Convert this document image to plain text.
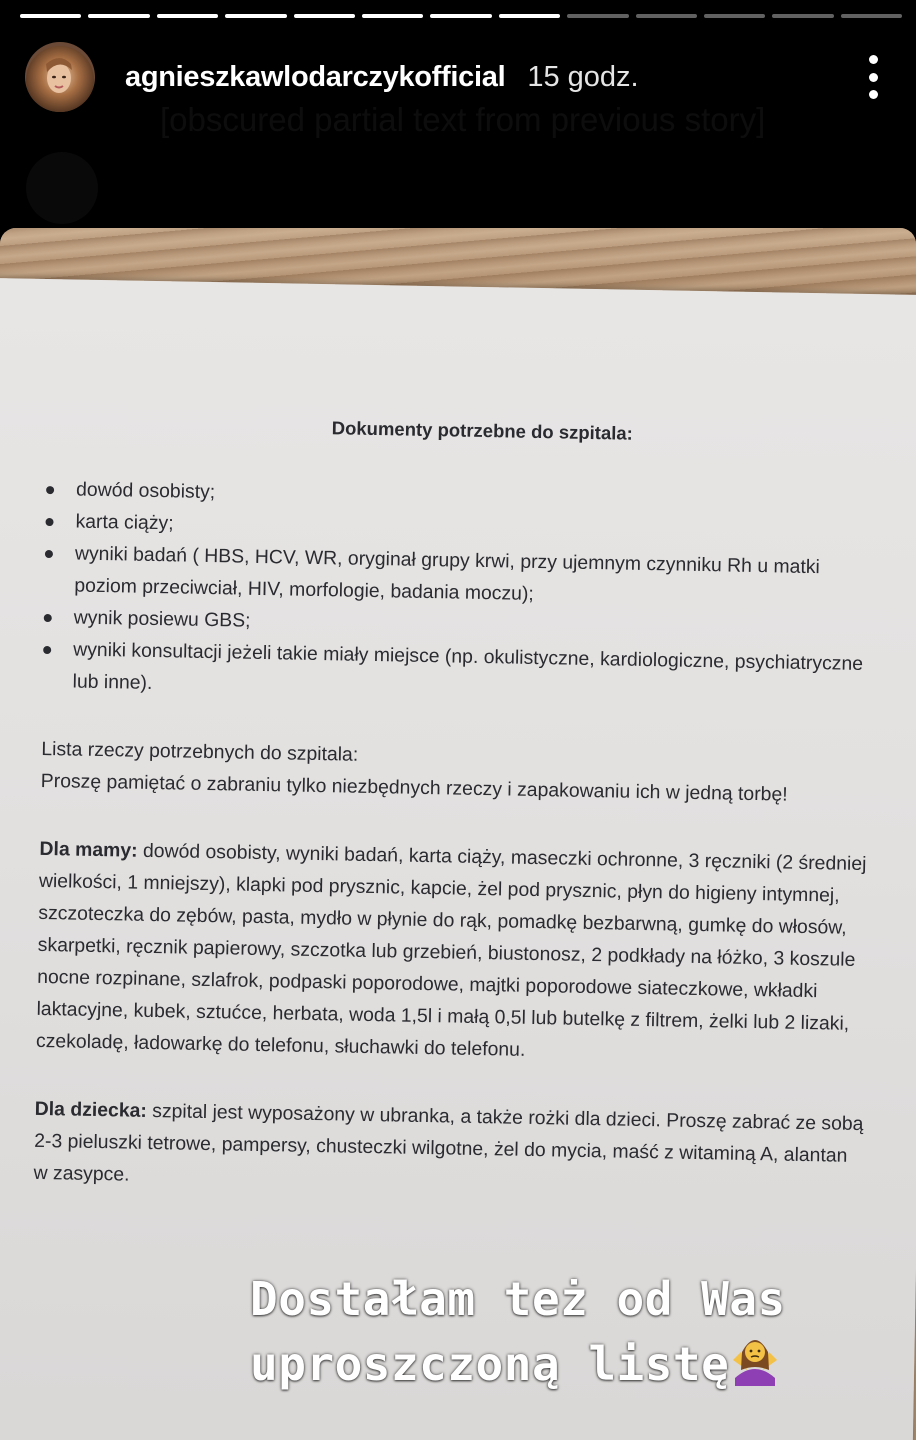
agnieszkawlodarczykofficial 15 godz.
[obscured partial text from previous story]
Dokumenty potrzebne do szpitala:
dowód osobisty;
karta ciąży;
wyniki badań ( HBS, HCV, WR, oryginał grupy krwi, przy ujemnym czynniku Rh u matki poziom przeciwciał, HIV, morfologie, badania moczu);
wynik posiewu GBS;
wyniki konsultacji jeżeli takie miały miejsce (np. okulistyczne, kardiologiczne, psychiatryczne lub inne).

Lista rzeczy potrzebnych do szpitala:

Proszę pamiętać o zabraniu tylko niezbędnych rzeczy i zapakowaniu ich w jedną torbę!

Dla mamy: dowód osobisty, wyniki badań, karta ciąży, maseczki ochronne, 3 ręczniki (2 średniej wielkości, 1 mniejszy), klapki pod prysznic, kapcie, żel pod prysznic, płyn do higieny intymnej, szczoteczka do zębów, pasta, mydło w płynie do rąk, pomadkę bezbarwną, gumkę do włosów, skarpetki, ręcznik papierowy, szczotka lub grzebień, biustonosz, 2 podkłady na łóżko, 3 koszule nocne rozpinane, szlafrok, podpaski poporodowe, majtki poporodowe siateczkowe, wkładki laktacyjne, kubek, sztućce, herbata, woda 1,5l i małą 0,5l lub butelkę z filtrem, żelki lub 2 lizaki, czekoladę, ładowarkę do telefonu, słuchawki do telefonu.

Dla dziecka: szpital jest wyposażony w ubranka, a także rożki dla dzieci. Proszę zabrać ze sobą 2-3 pieluszki tetrowe, pampersy, chusteczki wilgotne, żel do mycia, maść z witaminą A, alantan w zasypce.

Dostałam też od Was
uproszczoną listę
